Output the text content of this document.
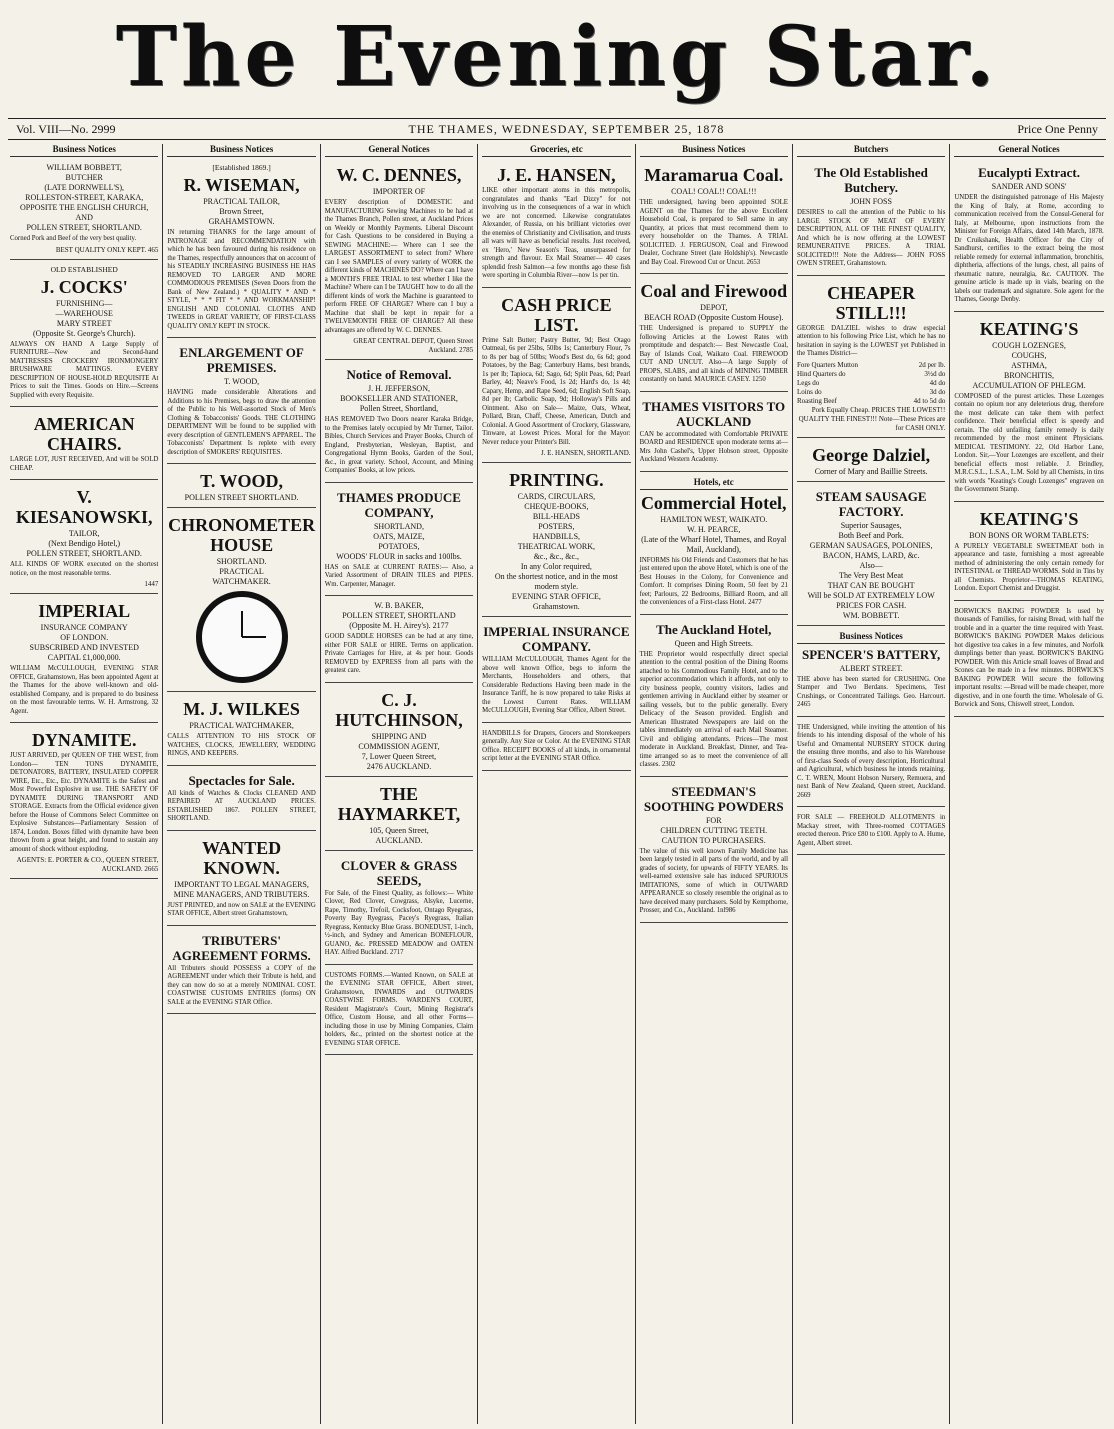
The Evening Star.
Vol. VIII—No. 2999	THE THAMES, WEDNESDAY, SEPTEMBER 25, 1878	Price One Penny
Business Notices
WILLIAM BOBBETT,
BUTCHER
(LATE DORNWELL'S),
ROLLESTON-STREET, KARAKA,
OPPOSITE THE ENGLISH CHURCH,
AND
POLLEN STREET, SHORTLAND.
Corned Pork and Beef of the very best quality.
BEST QUALITY ONLY KEPT. 465
OLD ESTABLISHED
J. COCKS'
FURNISHING—
—WAREHOUSE
MARY STREET
(Opposite St. George's Church).
ALWAYS ON HAND A Large Supply of FURNITURE—New and Second-hand MATTRESSES CROCKERY IRONMONGERY BRUSHWARE MATTINGS. EVERY DESCRIPTION OF HOUSE-HOLD REQUISITE At Prices to suit the Times. Goods on Hire.—Screens Supplied with every Requisite.
AMERICAN CHAIRS.
LARGE LOT, JUST RECEIVED, And will be SOLD CHEAP.
V. KIESANOWSKI,
TAILOR,
(Next Bendigo Hotel,)
POLLEN STREET, SHORTLAND.
ALL KINDS OF WORK executed on the shortest notice, on the most reasonable terms.
1447
IMPERIAL
INSURANCE COMPANY
OF LONDON.
SUBSCRIBED AND INVESTED
CAPITAL £1,000,000.
WILLIAM McCULLOUGH, EVENING STAR OFFICE, Grahamstown, Has been appointed Agent at the Thames for the above well-known and old-established Company, and is prepared to do business on the most favourable terms. W. H. Armstrong, 32 Agent.
DYNAMITE.
JUST ARRIVED, per QUEEN OF THE WEST, from London— TEN TONS DYNAMITE, DETONATORS, BATTERY, INSULATED COPPER WIRE, Etc., Etc., Etc. DYNAMITE is the Safest and Most Powerful Explosive in use. THE SAFETY OF DYNAMITE DURING TRANSPORT AND STORAGE. Extracts from the Official evidence given before the House of Commons Select Committee on Explosive Substances—Parliamentary Session of 1874, London. Boxes filled with dynamite have been thrown from a great height, and found to sustain any amount of shock without exploding.
AGENTS: E. PORTER & CO., QUEEN STREET, AUCKLAND. 2665
Business Notices
[Established 1869.]
R. WISEMAN,
PRACTICAL TAILOR,
Brown Street,
GRAHAMSTOWN.
IN returning THANKS for the large amount of PATRONAGE and RECOMMENDATION with which he has been favoured during his residence on the Thames, respectfully announces that on account of his STEADILY INCREASING BUSINESS HE HAS REMOVED TO LARGER AND MORE COMMODIOUS PREMISES (Seven Doors from the Bank of New Zealand.) * QUALITY * AND * STYLE, * * * FIT * * AND WORKMANSHIP! ENGLISH AND COLONIAL CLOTHS AND TWEEDS in GREAT VARIETY, OF FIRST-CLASS QUALITY ONLY KEPT IN STOCK.
ENLARGEMENT OF PREMISES.
T. WOOD,
HAVING made considerable Alterations and Additions to his Premises, begs to draw the attention of the Public to his Well-assorted Stock of Men's Clothing & Tobacconists' Goods. THE CLOTHING DEPARTMENT Will be found to be supplied with every description of GENTLEMEN'S APPAREL. The Tobacconists' Department Is replete with every description of SMOKERS' REQUISITES.
T. WOOD,
POLLEN STREET SHORTLAND.
CHRONOMETER HOUSE
SHORTLAND.
PRACTICAL
WATCHMAKER.
M. J. WILKES
PRACTICAL WATCHMAKER,
CALLS ATTENTION TO HIS STOCK OF WATCHES, CLOCKS, JEWELLERY, WEDDING RINGS, AND KEEPERS.
Spectacles for Sale.
All kinds of Watches & Clocks CLEANED AND REPAIRED AT AUCKLAND PRICES. ESTABLISHED 1867. POLLEN STREET, SHORTLAND.
WANTED KNOWN.
IMPORTANT TO LEGAL MANAGERS, MINE MANAGERS, AND TRIBUTERS.
JUST PRINTED, and now on SALE at the EVENING STAR OFFICE, Albert street Grahamstown,
TRIBUTERS' AGREEMENT FORMS.
All Tributers should POSSESS a COPY of the AGREEMENT under which their Tribute is held, and they can now do so at a merely NOMINAL COST. COASTWISE CUSTOMS ENTRIES (forms) ON SALE at the EVENING STAR Office.
General Notices
W. C. DENNES,
IMPORTER OF
EVERY description of DOMESTIC and MANUFACTURING Sewing Machines to be had at the Thames Branch, Pollen street, at Auckland Prices on Weekly or Monthly Payments. Liberal Discount for Cash. Questions to be considered in Buying a SEWING MACHINE:— Where can I see the LARGEST ASSORTMENT to select from? Where can I see SAMPLES of every variety of WORK the different kinds of MACHINES DO? Where can I have a MONTH'S FREE TRIAL to test whether I like the Machine? Where can I be TAUGHT how to do all the different kinds of work the Machine is guaranteed to perform FREE OF CHARGE? Where can I buy a Machine that shall be kept in repair for a TWELVEMONTH FREE OF CHARGE? All these advantages are offered by W. C. DENNES.
GREAT CENTRAL DEPOT, Queen Street Auckland. 2785
Notice of Removal.
J. H. JEFFERSON,
BOOKSELLER AND STATIONER,
Pollen Street, Shortland,
HAS REMOVED Two Doors nearer Karaka Bridge, to the Premises lately occupied by Mr Turner, Tailor. Bibles, Church Services and Prayer Books, Church of England, Presbyterian, Wesleyan, Baptist, and Congregational Hymn Books, Garden of the Soul, &c., in great variety. School, Account, and Mining Companies' Books, at low prices.
THAMES PRODUCE COMPANY,
SHORTLAND,
OATS, MAIZE,
POTATOES,
WOODS' FLOUR in sacks and 100lbs.
HAS on SALE at CURRENT RATES:— Also, a Varied Assortment of DRAIN TILES and PIPES. Wm. Carpenter, Manager.
W. B. BAKER,
POLLEN STREET, SHORTLAND
(Opposite M. H. Airey's). 2177
GOOD SADDLE HORSES can be had at any time, either FOR SALE or HIRE. Terms on application. Private Carriages for Hire, at 4s per hour. Goods REMOVED by EXPRESS from all parts with the greatest care.
C. J. HUTCHINSON,
SHIPPING AND
COMMISSION AGENT,
7, Lower Queen Street,
2476 AUCKLAND.
THE HAYMARKET,
105, Queen Street,
AUCKLAND.
CLOVER & GRASS SEEDS,
For Sale, of the Finest Quality, as follows:— White Clover, Red Clover, Cowgrass, Alsyke, Lucerne, Rape, Timothy, Trefoil, Cocksfoot, Ontago Ryegrass, Poverty Bay Ryegrass, Pacey's Ryegrass, Italian Ryegrass, Kentucky Blue Grass. BONEDUST, 1-inch, ½-inch, and Sydney and American BONEFLOUR, GUANO, &c. PRESSED MEADOW and OATEN HAY. Alfred Buckland. 2717
CUSTOMS FORMS.—Wanted Known, on SALE at the EVENING STAR OFFICE, Albert street, Grahamstown, INWARDS and OUTWARDS COASTWISE FORMS. WARDEN'S COURT, Resident Magistrate's Court, Mining Registrar's Office, Custom House, and all other Forms—including those in use by Mining Companies, Claim holders, &c., printed on the shortest notice at the EVENING STAR OFFICE.
Groceries, etc
J. E. HANSEN,
LIKE other important atoms in this metropolis, congratulates and thanks "Earl Dizzy" for not involving us in the consequences of a war in which we are not concerned. Likewise congratulates Alexander, of Russia, on his brilliant victories over the enemies of Christianity and Civilisation, and trusts all wars will have as beneficial results. Just received, ex 'Hero,' New Season's Teas, unsurpassed for strength and flavour. Ex Mail Steamer— 40 cases splendid fresh Salmon—a few months ago these fish were sporting in Columbia River—now 1s per tin.
CASH PRICE LIST.
Prime Salt Butter; Pastry Butter, 9d; Best Otago Oatmeal, 6s per 25lbs, 50lbs 1s; Canterbury Flour, 7s to 8s per bag of 50lbs; Wood's Best do, 6s 6d; good Potatoes, by the Bag; Canterbury Hams, best brands, 1s per lb; Tapioca, 6d; Sago, 6d; Split Peas, 6d; Pearl Barley, 4d; Neave's Food, 1s 2d; Hard's do, 1s 4d; Capary, Hemp, and Rape Seed, 6d; English Soft Soap, 8d per lb; Carbolic Soap, 9d; Holloway's Pills and Ointment. Also on Sale— Maize, Oats, Wheat, Pollard, Bran, Chaff, Cheese, American, Dutch and Colonial. A Good Assortment of Crockery, Glassware, Tinware, at Lowest Prices. Moral for the Mayor: Never reduce your Printer's Bill.
J. E. HANSEN, SHORTLAND.
PRINTING.
CARDS, CIRCULARS,
CHEQUE-BOOKS,
BILL-HEADS
POSTERS,
HANDBILLS,
THEATRICAL WORK,
&c., &c., &c.,
In any Color required,
On the shortest notice, and in the most modern style.
EVENING STAR OFFICE,
Grahamstown.
IMPERIAL INSURANCE COMPANY.
WILLIAM McCULLOUGH, Thames Agent for the above well known Office, begs to inform the Merchants, Householders and others, that Considerable Reductions Having been made in the Insurance Tariff, he is now prepared to take Risks at the Lowest Current Rates. WILLIAM McCULLOUGH, Evening Star Office, Albert Street.
HANDBILLS for Drapers, Grocers and Storekeepers generally. Any Size or Color. At the EVENING STAR Office. RECEIPT BOOKS of all kinds, in ornamental script letter at the EVENING STAR Office.
Business Notices
Maramarua Coal.
COAL! COAL!! COAL!!!
THE undersigned, having been appointed SOLE AGENT on the Thames for the above Excellent Household Coal, is prepared to Sell same in any Quantity, at prices that must recommend them to every householder on the Thames. A TRIAL SOLICITED. J. FERGUSON, Coal and Firewood Dealer, Cochrane Street (late Holdship's). Newcastle and Bay Coal. Firewood Cut or Uncut. 2653
Coal and Firewood
DEPOT,
BEACH ROAD (Opposite Custom House).
THE Undersigned is prepared to SUPPLY the following Articles at the Lowest Rates with promptitude and despatch:— Best Newcastle Coal, Bay of Islands Coal, Waikato Coal. FIREWOOD CUT AND UNCUT. Also—A large Supply of PROPS, SLABS, and all kinds of MINING TIMBER constantly on hand. MAURICE CASEY. 1250
THAMES VISITORS TO AUCKLAND
CAN be accommodated with Comfortable PRIVATE BOARD and RESIDENCE upon moderate terms at— Mrs John Cashel's, Upper Hobson street, Opposite Auckland Western Academy.
Hotels, etc
Commercial Hotel,
HAMILTON WEST, WAIKATO.
W. H. PEARCE,
(Late of the Wharf Hotel, Thames, and Royal Mail, Auckland),
INFORMS his Old Friends and Customers that he has just entered upon the above Hotel, which is one of the Best Houses in the Colony, for Convenience and Comfort. It comprises Dining Room, 50 feet by 21 feet; Parlours, 22 Bedrooms, Billiard Room, and all the conveniences of a First-class Hotel. 2477
The Auckland Hotel,
Queen and High Streets.
THE Proprietor would respectfully direct special attention to the central position of the Dining Rooms attached to his Commodious Family Hotel, and to the superior accommodation which it affords, not only to city business people, country visitors, ladies and gentlemen arriving in Auckland either by steamer or sailing vessels, but to the public generally. Every Delicacy of the Season provided. English and American Illustrated Newspapers are laid on the tables immediately on arrival of each Mail Steamer. Civil and obliging attendants. Prices—The most moderate in Auckland. Breakfast, Dinner, and Tea-time arranged so as to meet the convenience of all classes. 2302
STEEDMAN'S SOOTHING POWDERS
FOR
CHILDREN CUTTING TEETH.
CAUTION TO PURCHASERS.
The value of this well known Family Medicine has been largely tested in all parts of the world, and by all grades of society, for upwards of FIFTY YEARS. Its well-earned extensive sale has induced SPURIOUS IMITATIONS, some of which in OUTWARD APPEARANCE so closely resemble the original as to have deceived many purchasers. Sold by Kempthorne, Prosser, and Co., Auckland. 1nl986
Butchers
The Old Established Butchery.
JOHN FOSS
DESIRES to call the attention of the Public to his LARGE STOCK OF MEAT OF EVERY DESCRIPTION, ALL OF THE FINEST QUALITY, And which he is now offering at the LOWEST REMUNERATIVE PRICES. A TRIAL SOLICITED!!! Note the Address— JOHN FOSS OWEN STREET, Grahamstown.
CHEAPER STILL!!!
GEORGE DALZIEL wishes to draw especial attention to his following Price List, which he has no hesitation in saying is the LOWEST yet Published in the Thames District—
Fore Quarters Mutton	2d per lb.
Hind Quarters do	3½d do
Legs do	4d do
Loins do	3d do
Roasting Beef	4d to 5d do
Pork Equally Cheap. PRICES THE LOWEST!! QUALITY THE FINEST!!! Note—These Prices are for CASH ONLY.
George Dalziel,
Corner of Mary and Baillie Streets.
STEAM SAUSAGE FACTORY.
Superior Sausages,
Both Beef and Pork.
GERMAN SAUSAGES, POLONIES,
BACON, HAMS, LARD, &c.
Also—
The Very Best Meat
THAT CAN BE BOUGHT
Will be SOLD AT EXTREMELY LOW
PRICES FOR CASH.
WM. BOBBETT.
Business Notices
SPENCER'S BATTERY,
ALBERT STREET.
THE above has been started for CRUSHING. One Stamper and Two Berdans. Specimens, Test Crushings, or Concentrated Tailings. Geo. Harcourt. 2465
THE Undersigned, while inviting the attention of his friends to his intending disposal of the whole of his Useful and Ornamental NURSERY STOCK during the ensuing three months, and also to his Warehouse of first-class Seeds of every description, Horticultural and Agricultural, which business he intends retaining. C. T. WREN, Mount Hobson Nursery, Remuera, and next Bank of New Zealand, Queen street, Auckland. 2669
FOR SALE — FREEHOLD ALLOTMENTS in Mackay street, with Three-roomed COTTAGES erected thereon. Price £80 to £100. Apply to A. Hume, Agent, Albert street.
General Notices
Eucalypti Extract.
SANDER AND SONS'
UNDER the distinguished patronage of His Majesty the King of Italy, at Rome, according to communication received from the Consul-General for Italy, at Melbourne, upon instructions from the Minister for Foreign Affairs, dated 14th March, 1878. Dr Cruikshank, Health Officer for the City of Sandhurst, certifies to the extract being the most reliable remedy for external inflammation, bronchitis, diphtheria, affections of the lungs, chest, all pains of rheumatic nature, neuralgia, &c. CAUTION. The genuine article is made up in vials, bearing on the labels our trademark and signature. Sole agent for the Thames, George Denby.
KEATING'S
COUGH LOZENGES,
COUGHS,
ASTHMA,
BRONCHITIS,
ACCUMULATION OF PHLEGM.
COMPOSED of the purest articles. These Lozenges contain no opium nor any deleterious drug, therefore the most delicate can take them with perfect confidence. Their beneficial effect is speedy and certain. The old unfailing family remedy is daily recommended by the most eminent Physicians. MEDICAL TESTIMONY. 22, Old Harbor Lane, London. Sir,—Your Lozenges are excellent, and their beneficial effects most reliable. J. Brindley, M.R.C.S.L., L.S.A., L.M. Sold by all Chemists, in tins with words "Keating's Cough Lozenges" engraven on the Government Stamp.
KEATING'S
BON BONS OR WORM TABLETS:
A PURELY VEGETABLE SWEETMEAT both in appearance and taste, furnishing a most agreeable method of administering the only certain remedy for INTESTINAL or THREAD WORMS. Sold in Tins by all Chemists. Proprietor—THOMAS KEATING, London. Export Chemist and Druggist.
BORWICK'S BAKING POWDER Is used by thousands of Families, for raising Bread, with half the trouble and in a quarter the time required with Yeast. BORWICK'S BAKING POWDER Makes delicious hot digestive tea cakes in a few minutes, and Norfolk dumplings better than yeast. BORWICK'S BAKING POWDER. With this Article small loaves of Bread and Scones can be made in a few minutes. BORWICK'S BAKING POWDER Will secure the following important results: —Bread will be made cheaper, more digestive, and in one fourth the time. Wholesale of G. Borwick and Sons, Chiswell street, London.
